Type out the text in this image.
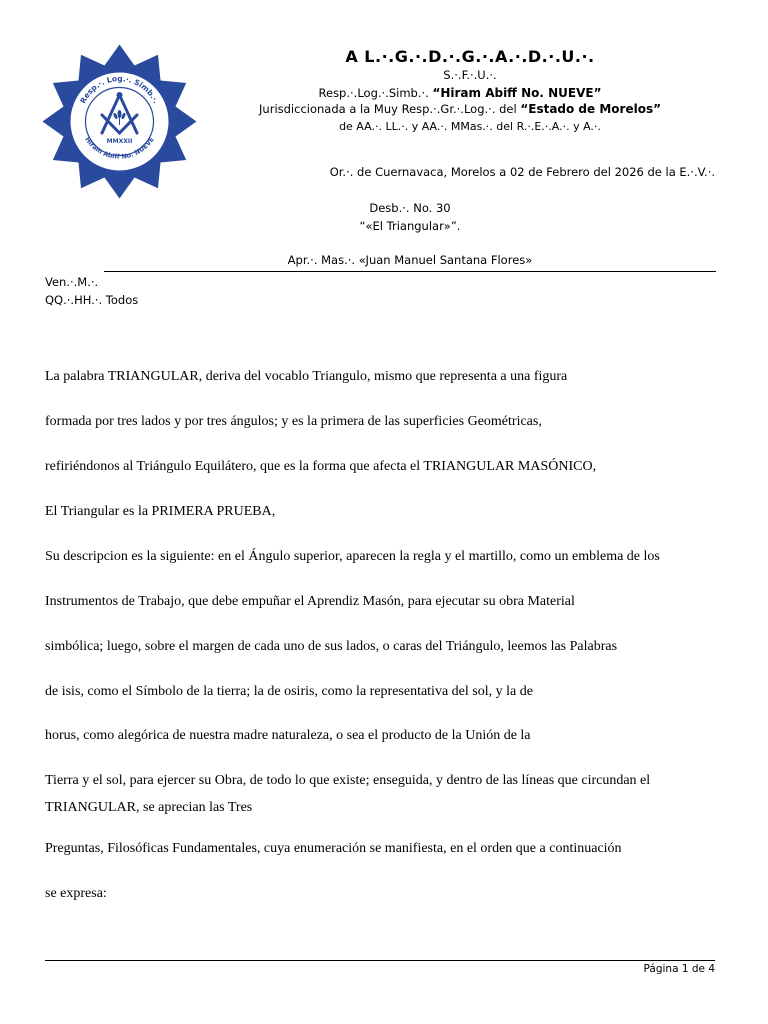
Resp.·. Log.·. Simb.·.
Hiram Abiff No. NUEVE
MMXXII
A L.·.G.·.D.·.G.·.A.·.D.·.U.·.
S.·.F.·.U.·.
Resp.·.Log.·.Simb.·. “Hiram Abiff No. NUEVE”
Jurisdiccionada a la Muy Resp.·.Gr.·.Log.·. del “Estado de Morelos”
de AA.·. LL.·. y AA.·. MMas.·. del R.·.E.·.A.·. y A.·.
Or.·. de Cuernavaca, Morelos a 02 de Febrero del 2026 de la E.·.V.·.
Desb.·. No. 30
“«El Triangular»”.
Apr.·. Mas.·. «Juan Manuel Santana Flores»
Ven.·.M.·.
QQ.·.HH.·. Todos

La palabra TRIANGULAR, deriva del vocablo Triangulo, mismo que representa a una figura

formada por tres lados y por tres ángulos; y es la primera de las superficies Geométricas,

refiriéndonos al Triángulo Equilátero, que es la forma que afecta el TRIANGULAR MASÓNICO,

El Triangular es la PRIMERA PRUEBA,

Su descripcion es la siguiente: en el Ángulo superior, aparecen la regla y el martillo, como un emblema de los

Instrumentos de Trabajo, que debe empuñar el Aprendiz Masón, para ejecutar su obra Material

simbólica; luego, sobre el margen de cada uno de sus lados, o caras del Triángulo, leemos las Palabras

de isis, como el Símbolo de la tierra; la de osiris, como la representativa del sol, y la de

horus, como alegórica de nuestra madre naturaleza, o sea el producto de la Unión de la

Tierra y el sol, para ejercer su Obra, de todo lo que existe; enseguida, y dentro de las líneas que circundan el TRIANGULAR, se aprecian las Tres

Preguntas, Filosóficas Fundamentales, cuya enumeración se manifiesta, en el orden que a continuación

se expresa:

Página 1 de 4
